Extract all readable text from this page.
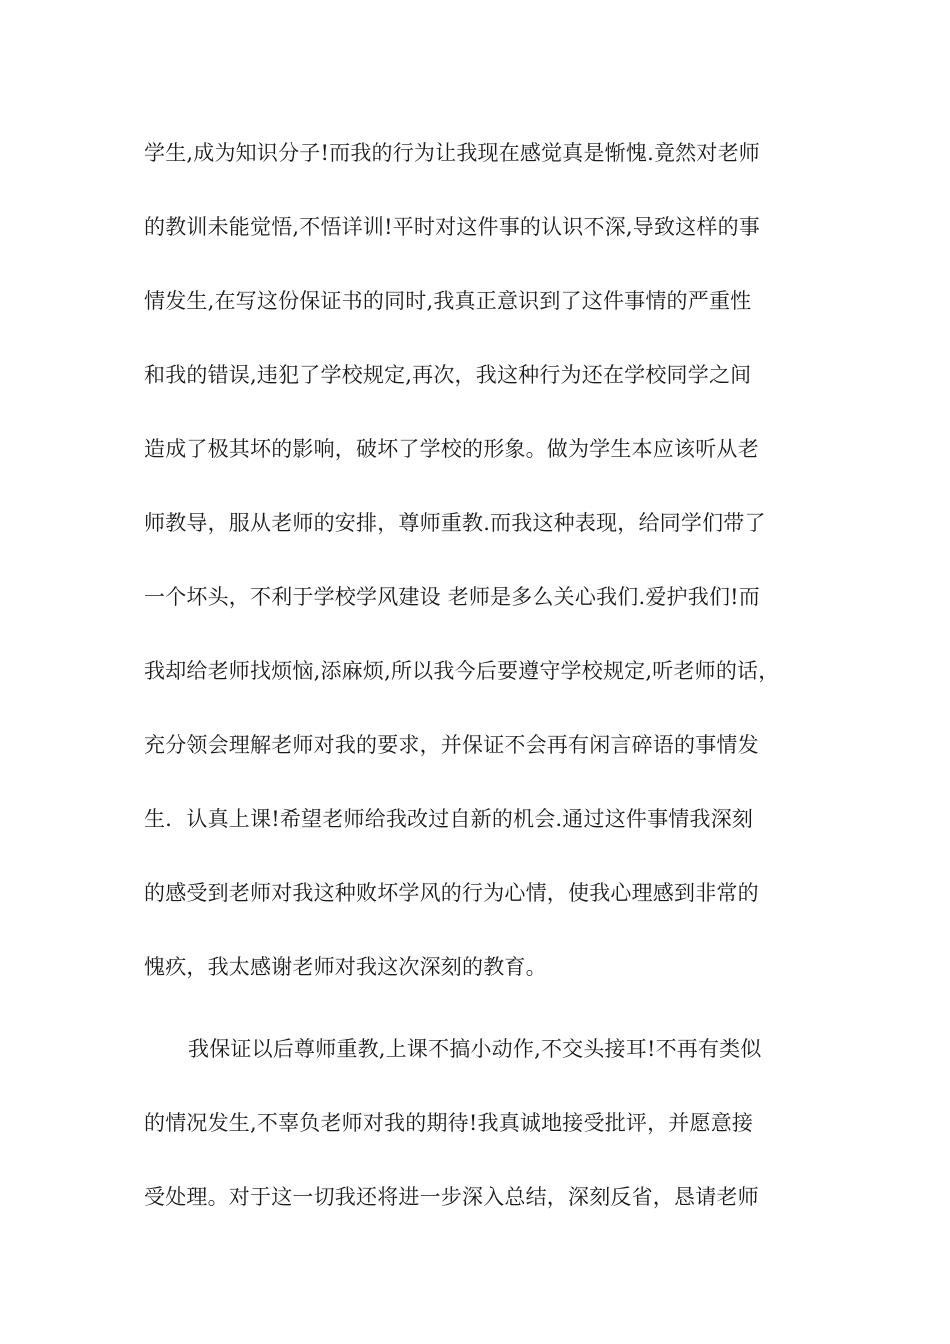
学生,成为知识分子!而我的行为让我现在感觉真是惭愧.竟然对老师

的教训未能觉悟,不悟详训!平时对这件事的认识不深,导致这样的事

情发生,在写这份保证书的同时,我真正意识到了这件事情的严重性

和我的错误,违犯了学校规定,再次，我这种行为还在学校同学之间

造成了极其坏的影响，破坏了学校的形象。做为学生本应该听从老

师教导，服从老师的安排，尊师重教.而我这种表现，给同学们带了

一个坏头，不利于学校学风建设 老师是多么关心我们.爱护我们!而

我却给老师找烦恼,添麻烦,所以我今后要遵守学校规定,听老师的话，

充分领会理解老师对我的要求，并保证不会再有闲言碎语的事情发

生．认真上课!希望老师给我改过自新的机会.通过这件事情我深刻

的感受到老师对我这种败坏学风的行为心情，使我心理感到非常的

愧疚，我太感谢老师对我这次深刻的教育。

我保证以后尊师重教,上课不搞小动作,不交头接耳!不再有类似

的情况发生,不辜负老师对我的期待!我真诚地接受批评，并愿意接

受处理。对于这一切我还将进一步深入总结，深刻反省，恳请老师
